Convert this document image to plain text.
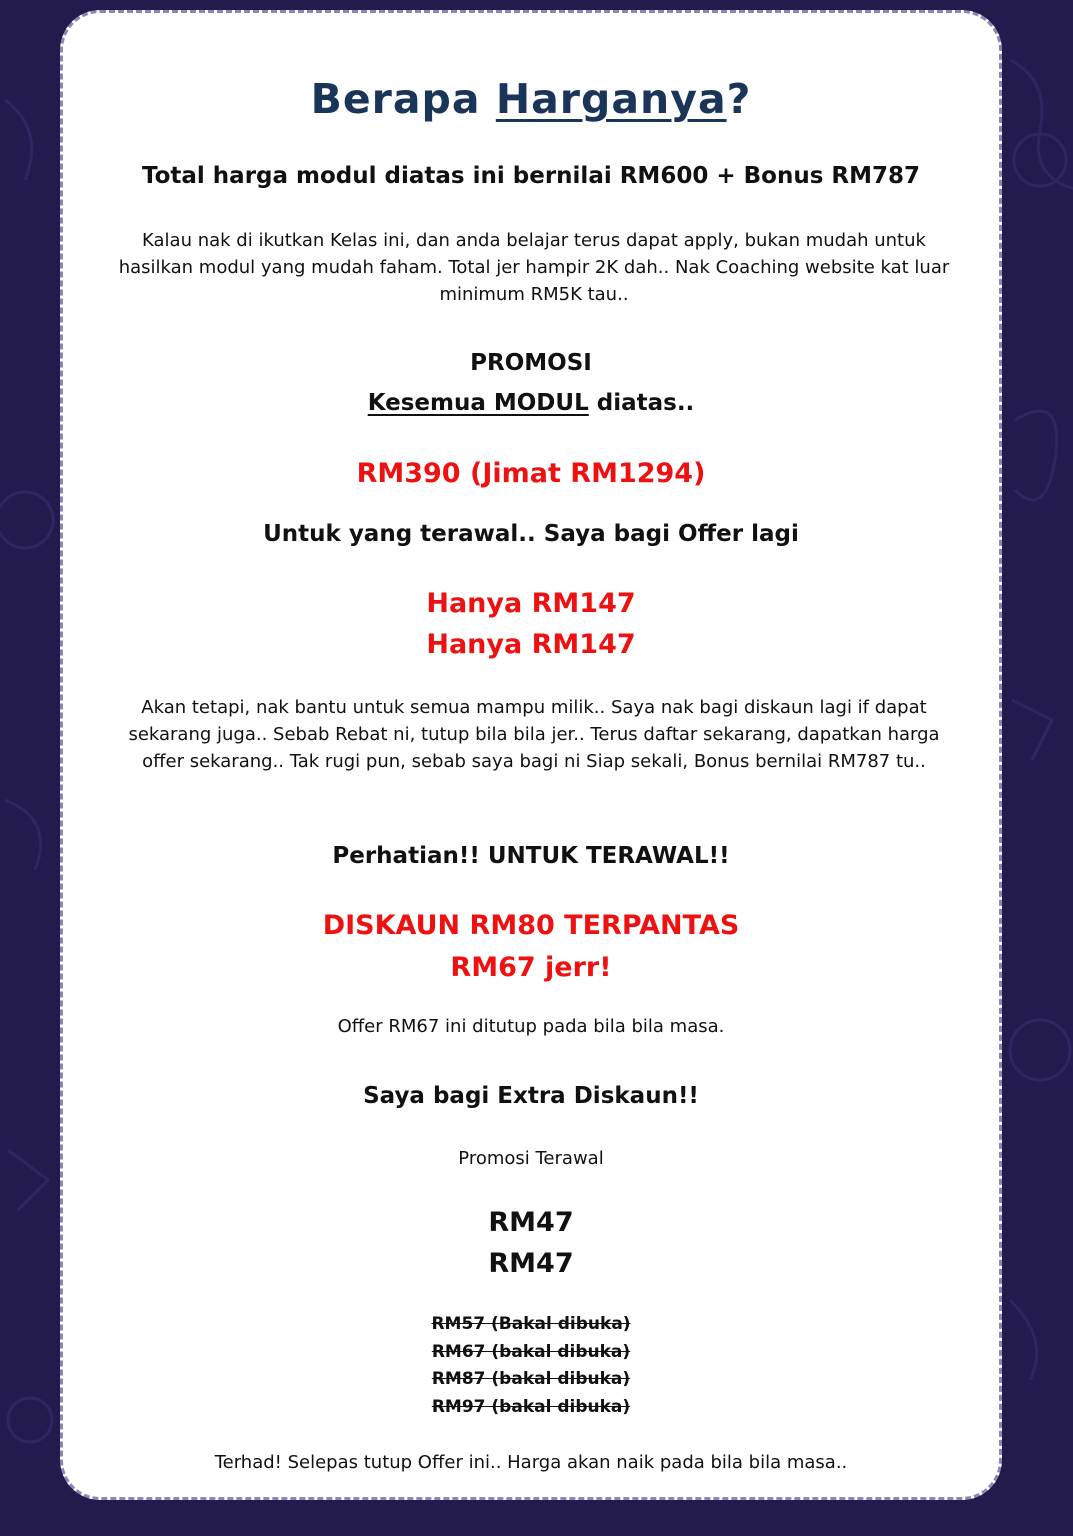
Berapa Harganya?
Total harga modul diatas ini bernilai RM600 + Bonus RM787
Kalau nak di ikutkan Kelas ini, dan anda belajar terus dapat apply, bukan mudah untuk hasilkan modul yang mudah faham. Total jer hampir 2K dah.. Nak Coaching website kat luar minimum RM5K tau..
PROMOSI
Kesemua MODUL diatas..
RM390 (Jimat RM1294)
Untuk yang terawal.. Saya bagi Offer lagi
Hanya RM147
Hanya RM147
Akan tetapi, nak bantu untuk semua mampu milik.. Saya nak bagi diskaun lagi if dapat sekarang juga.. Sebab Rebat ni, tutup bila bila jer.. Terus daftar sekarang, dapatkan harga offer sekarang.. Tak rugi pun, sebab saya bagi ni Siap sekali, Bonus bernilai RM787 tu..
Perhatian!! UNTUK TERAWAL!!
DISKAUN RM80 TERPANTAS
RM67 jerr!
Offer RM67 ini ditutup pada bila bila masa.
Saya bagi Extra Diskaun!!
Promosi Terawal
RM47
RM47
RM57 (Bakal dibuka)
RM67 (bakal dibuka)
RM87 (bakal dibuka)
RM97 (bakal dibuka)
Terhad! Selepas tutup Offer ini.. Harga akan naik pada bila bila masa..
